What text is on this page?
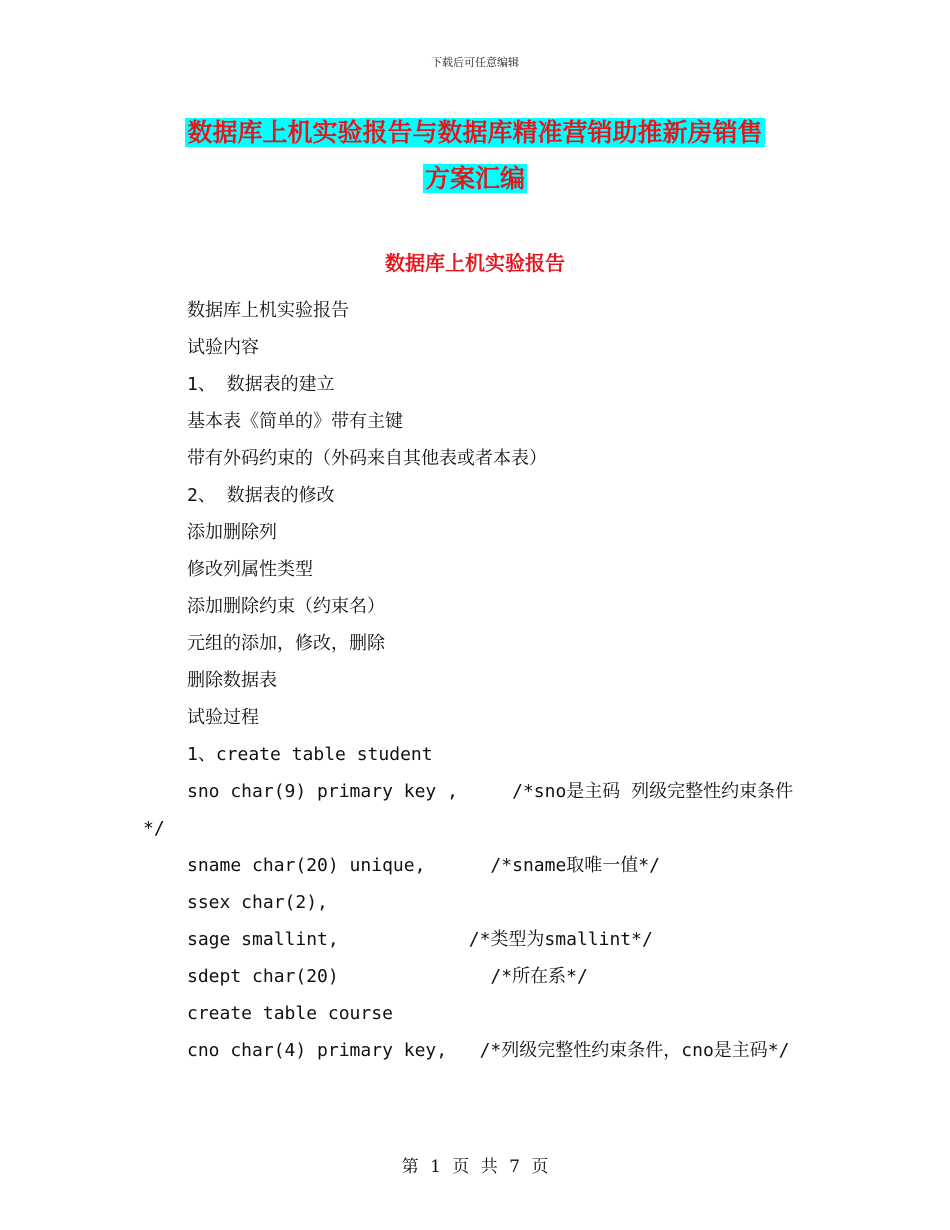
下载后可任意编辑
数据库上机实验报告与数据库精准营销助推新房销售
方案汇编
数据库上机实验报告
数据库上机实验报告
试验内容
1、 数据表的建立
基本表《简单的》带有主键
带有外码约束的（外码来自其他表或者本表）
2、 数据表的修改
添加删除列
修改列属性类型
添加删除约束（约束名）
元组的添加，修改，删除
删除数据表
试验过程
1、create table student
sno char(9) primary key ,     /*sno是主码 列级完整性约束条件*/
sname char(20) unique,      /*sname取唯一值*/
ssex char(2),
sage smallint,            /*类型为smallint*/
sdept char(20)              /*所在系*/
create table course
cno char(4) primary key,   /*列级完整性约束条件，cno是主码*/
第 1 页 共 7 页
